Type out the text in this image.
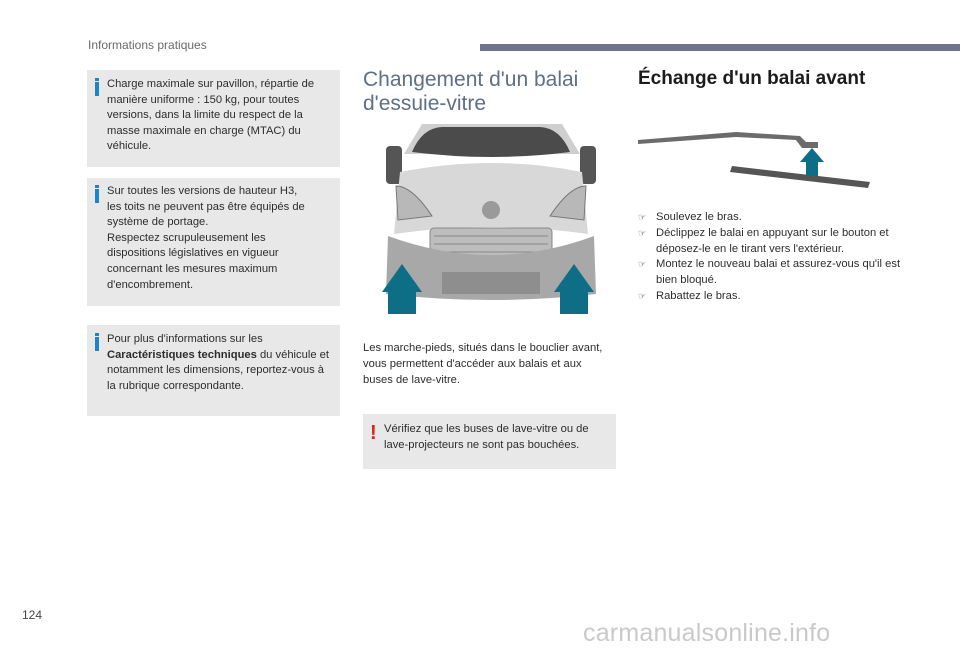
Informations pratiques

Charge maximale sur pavillon, répartie de manière uniforme : 150 kg, pour toutes versions, dans la limite du respect de la masse maximale en charge (MTAC) du véhicule.

Sur toutes les versions de hauteur H3,
les toits ne peuvent pas être équipés de
système de portage.
Respectez scrupuleusement les
dispositions législatives en vigueur
concernant les mesures maximum
d'encombrement.

Pour plus d'informations sur les Caractéristiques techniques du véhicule et notamment les dimensions, reportez-vous à la rubrique correspondante.

Changement d'un balai
d'essuie-vitre
Les marche-pieds, situés dans le bouclier avant, vous permettent d'accéder aux balais et aux buses de lave-vitre.
! Vérifiez que les buses de lave-vitre ou de lave-projecteurs ne sont pas bouchées.

Échange d'un balai avant
☞ Soulevez le bras.
☞ Déclippez le balai en appuyant sur le bouton et déposez-le en le tirant vers l'extérieur.
☞ Montez le nouveau balai et assurez-vous qu'il est bien bloqué.
☞ Rabattez le bras.
124
carmanualsonline.info
